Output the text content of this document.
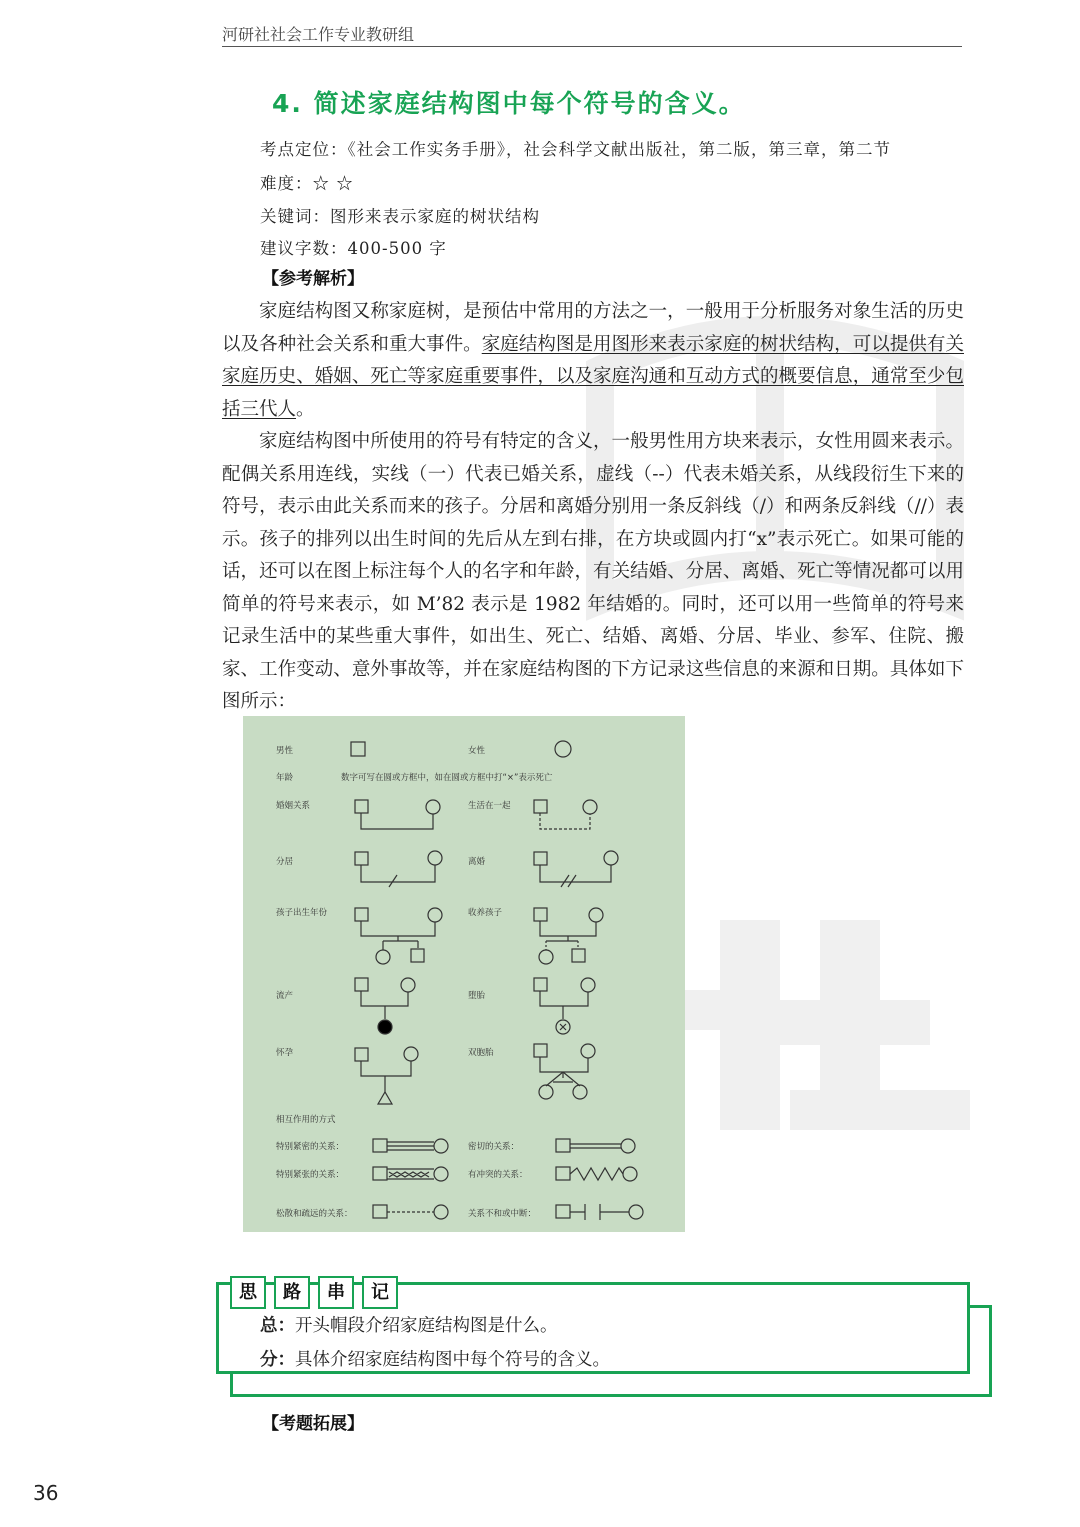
河研社社会工作专业教研组
4. 简述家庭结构图中每个符号的含义。
考点定位：《社会工作实务手册》，社会科学文献出版社，第二版，第三章，第二节
难度：☆ ☆
关键词：图形来表示家庭的树状结构
建议字数：400-500 字
【参考解析】

家庭结构图又称家庭树，是预估中常用的方法之一，一般用于分析服务对象生活的历史以及各种社会关系和重大事件。家庭结构图是用图形来表示家庭的树状结构，可以提供有关家庭历史、婚姻、死亡等家庭重要事件，以及家庭沟通和互动方式的概要信息，通常至少包括三代人。

家庭结构图中所使用的符号有特定的含义，一般男性用方块来表示，女性用圆来表示。配偶关系用连线，实线（一）代表已婚关系，虚线（--）代表未婚关系，从线段衍生下来的符号，表示由此关系而来的孩子。分居和离婚分别用一条反斜线（/）和两条反斜线（//）表示。孩子的排列以出生时间的先后从左到右排，在方块或圆内打“x”表示死亡。如果可能的话，还可以在图上标注每个人的名字和年龄，有关结婚、分居、离婚、死亡等情况都可以用简单的符号来表示，如 M’82 表示是 1982 年结婚的。同时，还可以用一些简单的符号来记录生活中的某些重大事件，如出生、死亡、结婚、离婚、分居、毕业、参军、住院、搬家、工作变动、意外事故等，并在家庭结构图的下方记录这些信息的来源和日期。具体如下图所示：

男性	女性
年龄	数字可写在圆或方框中，如在圆或方框中打“×”表示死亡
婚姻关系	生活在一起
分居	离婚
孩子出生年份	收养孩子
流产	堕胎
怀孕	双胞胎
相互作用的方式
特别紧密的关系：	密切的关系：
特别紧张的关系：	有冲突的关系：
松散和疏远的关系：	关系不和或中断：
思	路	串	记
总：开头帽段介绍家庭结构图是什么。
分：具体介绍家庭结构图中每个符号的含义。
【考题拓展】
36
